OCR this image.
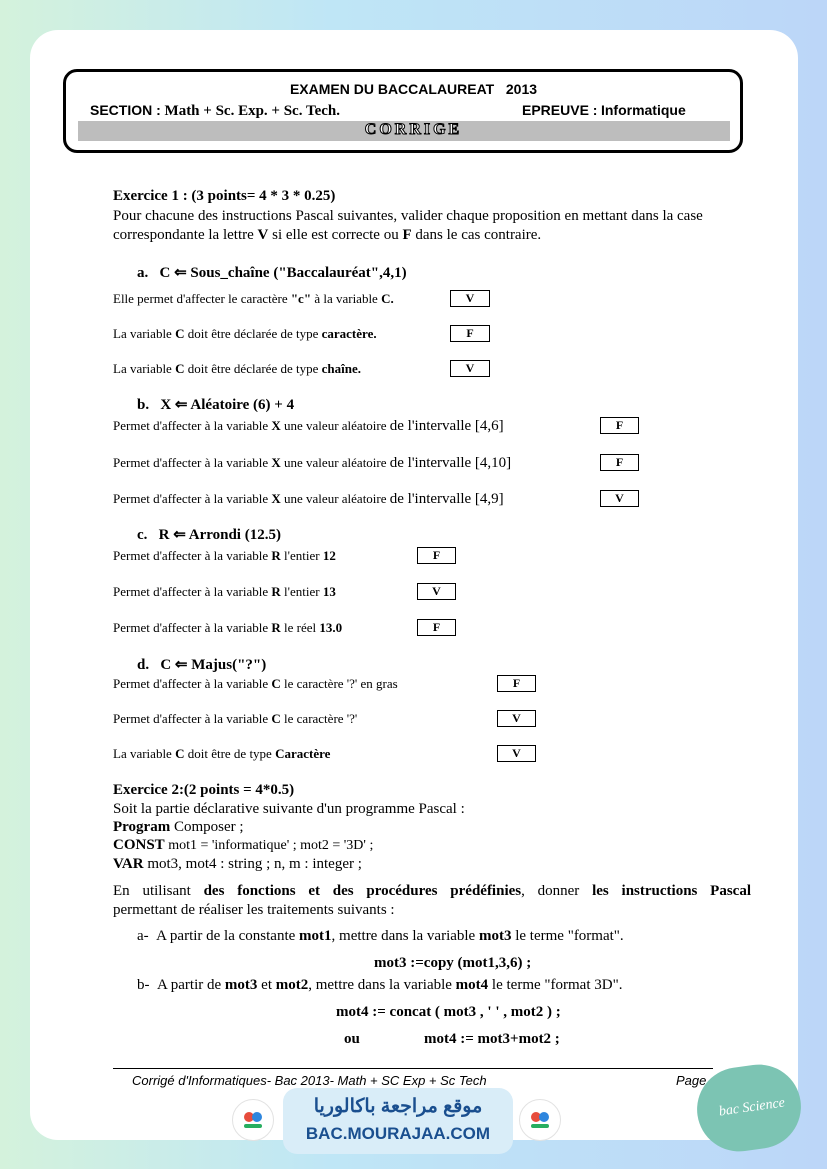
EXAMEN DU BACCALAUREAT   2013
SECTION : Math + Sc. Exp. + Sc. Tech.	EPREUVE : Informatique
CORRIGE
Exercice 1 : (3 points= 4 * 3 * 0.25)
Pour chacune des instructions Pascal suivantes, valider chaque proposition en mettant dans la case
correspondante la lettre V si elle est correcte ou F dans le cas contraire.
a. C ⇐ Sous_chaîne ("Baccalauréat",4,1)
Elle permet d'affecter le caractère "c" à la variable C.	V
La variable C doit être déclarée de type caractère.	F
La variable C doit être déclarée de type chaîne.	V
b. X ⇐ Aléatoire (6) + 4
Permet d'affecter à la variable X une valeur aléatoire de l'intervalle [4,6]	F
Permet d'affecter à la variable X une valeur aléatoire de l'intervalle [4,10]	F
Permet d'affecter à la variable X une valeur aléatoire de l'intervalle [4,9]	V
c. R ⇐ Arrondi (12.5)
Permet d'affecter à la variable R l'entier 12	F
Permet d'affecter à la variable R l'entier 13	V
Permet d'affecter à la variable R le réel 13.0	F
d. C ⇐ Majus("?")
Permet d'affecter à la variable C le caractère '?' en gras	F
Permet d'affecter à la variable C le caractère '?'	V
La variable C doit être de type Caractère	V
Exercice 2:(2 points = 4*0.5)
Soit la partie déclarative suivante d'un programme Pascal :
Program Composer ;
CONST mot1 = 'informatique' ; mot2 = '3D' ;
VAR mot3, mot4 : string ; n, m : integer ;
En utilisant des fonctions et des procédures prédéfinies, donner les instructions Pascal
permettant de réaliser les traitements suivants :
a- A partir de la constante mot1, mettre dans la variable mot3 le terme "format".
mot3 :=copy (mot1,3,6) ;
b- A partir de mot3 et mot2, mettre dans la variable mot4 le terme "format 3D".
mot4 := concat ( mot3 , ' ' , mot2 ) ;
ou	mot4 := mot3+mot2 ;
Corrigé d'Informatiques- Bac 2013- Math + SC Exp + Sc Tech	Page
موقع مراجعة باكالوريا
BAC.MOURAJAA.COM
bac Science
